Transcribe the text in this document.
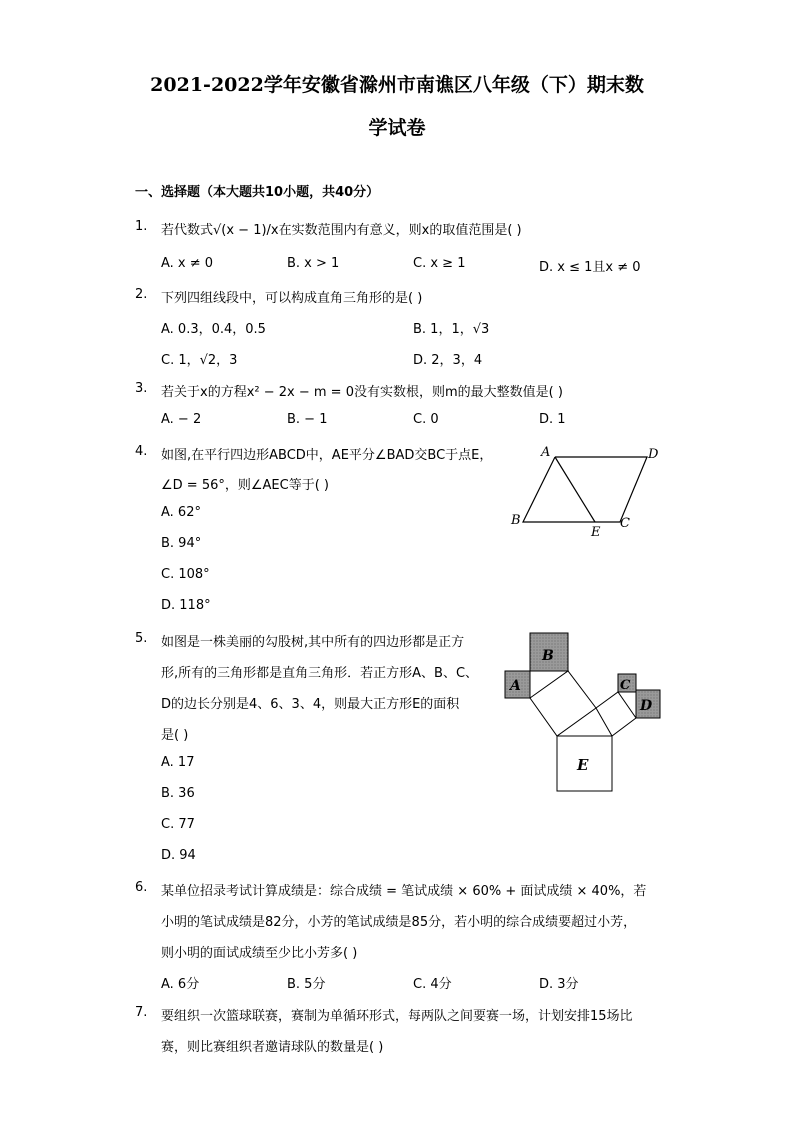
2021-2022学年安徽省滁州市南谯区八年级（下）期末数
学试卷
一、选择题（本大题共10小题，共40分）
1. 若代数式√(x − 1)/x在实数范围内有意义，则x的取值范围是( )
A. x ≠ 0	B. x > 1	C. x ≥ 1	D. x ≤ 1且x ≠ 0
2. 下列四组线段中，可以构成直角三角形的是( )
A. 0.3，0.4，0.5	B. 1，1，√3
C. 1，√2，3	D. 2，3，4
3. 若关于x的方程x² − 2x − m = 0没有实数根，则m的最大整数值是( )
A. − 2	B. − 1	C. 0	D. 1
4. 如图,在平行四边形ABCD中，AE平分∠BAD交BC于点E，
∠D = 56°，则∠AEC等于( )
A. 62°
B. 94°
C. 108°
D. 118°
A	D
B
E
C
5. 如图是一株美丽的勾股树,其中所有的四边形都是正方
形,所有的三角形都是直角三角形．若正方形A、B、C、
D的边长分别是4、6、3、4，则最大正方形E的面积
是( )
A. 17
B. 36
C. 77
D. 94
B
A	C
D
E
6. 某单位招录考试计算成绩是：综合成绩 = 笔试成绩 × 60% + 面试成绩 × 40%，若
小明的笔试成绩是82分，小芳的笔试成绩是85分，若小明的综合成绩要超过小芳，
则小明的面试成绩至少比小芳多( )
A. 6分	B. 5分	C. 4分	D. 3分
7. 要组织一次篮球联赛，赛制为单循环形式，每两队之间要赛一场，计划安排15场比
赛，则比赛组织者邀请球队的数量是( )
